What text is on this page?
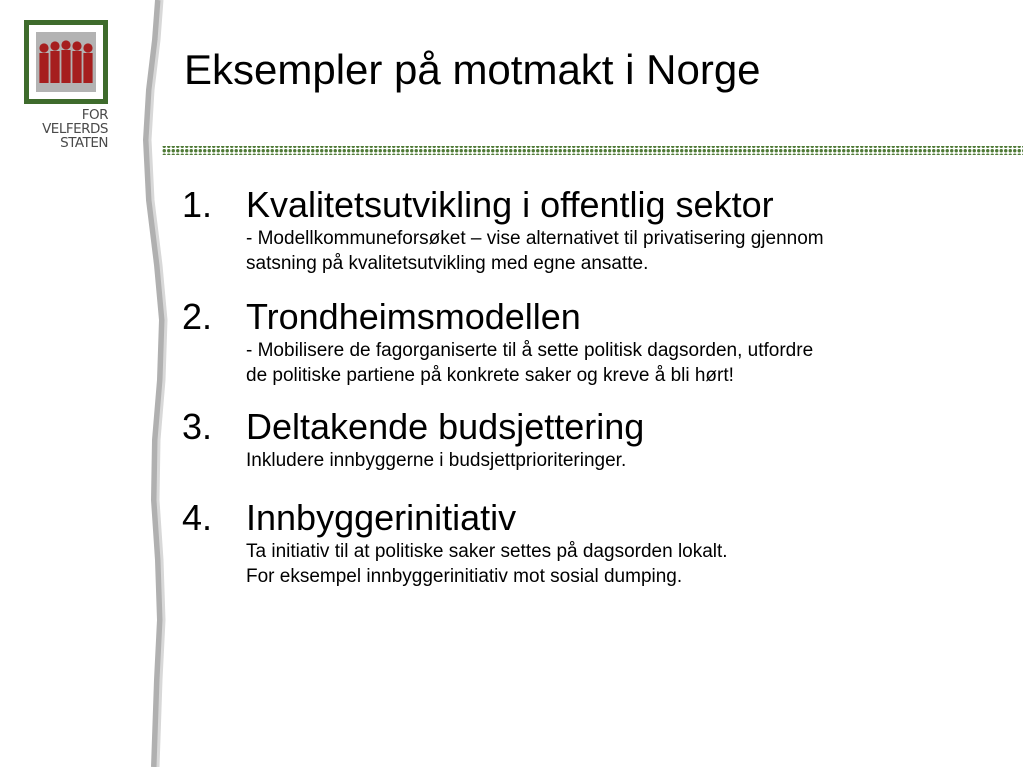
FOR
VELFERDS
STATEN
Eksempler på motmakt i Norge
1. Kvalitetsutvikling i offentlig sektor
- Modellkommuneforsøket – vise alternativet til privatisering gjennom
satsning på kvalitetsutvikling med egne ansatte.
2. Trondheimsmodellen
- Mobilisere de fagorganiserte til å sette politisk dagsorden, utfordre
de politiske partiene på konkrete saker og kreve å bli hørt!
3. Deltakende budsjettering
Inkludere innbyggerne i budsjettprioriteringer.
4. Innbyggerinitiativ
Ta initiativ til at politiske saker settes på dagsorden lokalt.
For eksempel innbyggerinitiativ mot sosial dumping.
